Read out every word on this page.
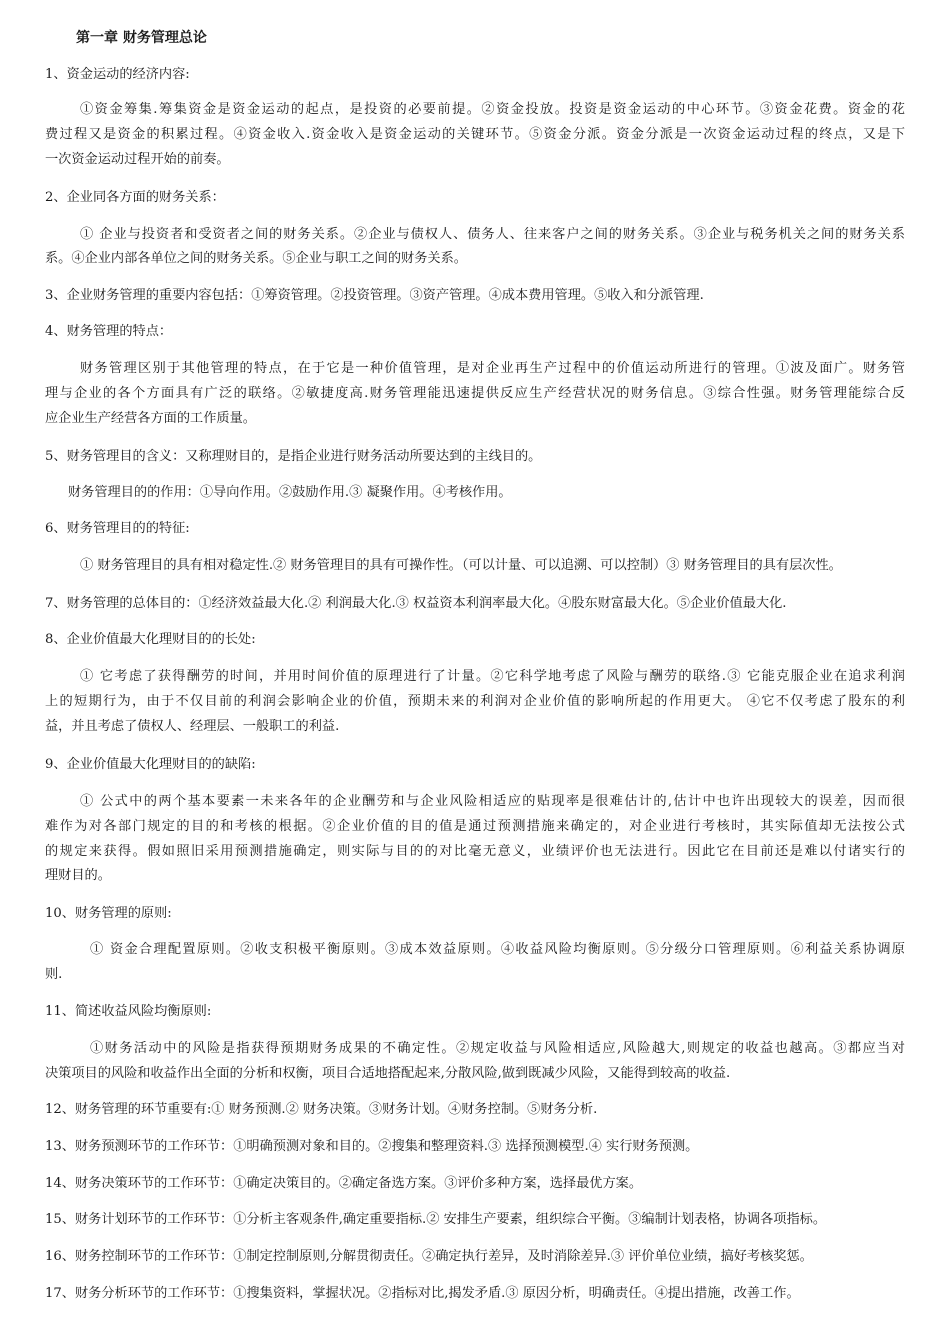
第一章 财务管理总论
1、资金运动的经济内容:
①资金筹集.筹集资金是资金运动的起点，是投资的必要前提。②资金投放。投资是资金运动的中心环节。③资金花费。资金的花
费过程又是资金的积累过程。④资金收入.资金收入是资金运动的关键环节。⑤资金分派。资金分派是一次资金运动过程的终点，又是下
一次资金运动过程开始的前奏。
2、企业同各方面的财务关系：
① 企业与投资者和受资者之间的财务关系。②企业与债权人、债务人、往来客户之间的财务关系。③企业与税务机关之间的财务关系
系。④企业内部各单位之间的财务关系。⑤企业与职工之间的财务关系。
3、企业财务管理的重要内容包括：①筹资管理。②投资管理。③资产管理。④成本费用管理。⑤收入和分派管理.
4、财务管理的特点：
财务管理区别于其他管理的特点，在于它是一种价值管理，是对企业再生产过程中的价值运动所进行的管理。①波及面广。财务管
理与企业的各个方面具有广泛的联络。②敏捷度高.财务管理能迅速提供反应生产经营状况的财务信息。③综合性强。财务管理能综合反
应企业生产经营各方面的工作质量。
5、财务管理目的含义：又称理财目的，是指企业进行财务活动所要达到的主线目的。
财务管理目的的作用：①导向作用。②鼓励作用.③ 凝聚作用。④考核作用。
6、财务管理目的的特征:
① 财务管理目的具有相对稳定性.② 财务管理目的具有可操作性。（可以计量、可以追溯、可以控制）③ 财务管理目的具有层次性。
7、财务管理的总体目的：①经济效益最大化.② 利润最大化.③ 权益资本利润率最大化。④股东财富最大化。⑤企业价值最大化.
8、企业价值最大化理财目的的长处:
① 它考虑了获得酬劳的时间，并用时间价值的原理进行了计量。②它科学地考虑了风险与酬劳的联络.③ 它能克服企业在追求利润
上的短期行为，由于不仅目前的利润会影响企业的价值，预期未来的利润对企业价值的影响所起的作用更大。 ④它不仅考虑了股东的利
益，并且考虑了债权人、经理层、一般职工的利益.
9、企业价值最大化理财目的的缺陷:
① 公式中的两个基本要素一未来各年的企业酬劳和与企业风险相适应的贴现率是很难估计的,估计中也许出现较大的误差，因而很
难作为对各部门规定的目的和考核的根据。②企业价值的目的值是通过预测措施来确定的，对企业进行考核时，其实际值却无法按公式
的规定来获得。假如照旧采用预测措施确定，则实际与目的的对比毫无意义，业绩评价也无法进行。因此它在目前还是难以付诸实行的
理财目的。
10、财务管理的原则:
① 资金合理配置原则。②收支积极平衡原则。③成本效益原则。④收益风险均衡原则。⑤分级分口管理原则。⑥利益关系协调原
则.
11、简述收益风险均衡原则:
①财务活动中的风险是指获得预期财务成果的不确定性。②规定收益与风险相适应,风险越大,则规定的收益也越高。③都应当对
决策项目的风险和收益作出全面的分析和权衡，项目合适地搭配起来,分散风险,做到既减少风险，又能得到较高的收益.
12、财务管理的环节重要有:① 财务预测.② 财务决策。③财务计划。④财务控制。⑤财务分析.
13、财务预测环节的工作环节：①明确预测对象和目的。②搜集和整理资料.③ 选择预测模型.④ 实行财务预测。
14、财务决策环节的工作环节：①确定决策目的。②确定备选方案。③评价多种方案，选择最优方案。
15、财务计划环节的工作环节：①分析主客观条件,确定重要指标.② 安排生产要素，组织综合平衡。③编制计划表格，协调各项指标。
16、财务控制环节的工作环节：①制定控制原则,分解贯彻责任。②确定执行差异，及时消除差异.③ 评价单位业绩，搞好考核奖惩。
17、财务分析环节的工作环节：①搜集资料，掌握状况。②指标对比,揭发矛盾.③ 原因分析，明确责任。④提出措施，改善工作。
